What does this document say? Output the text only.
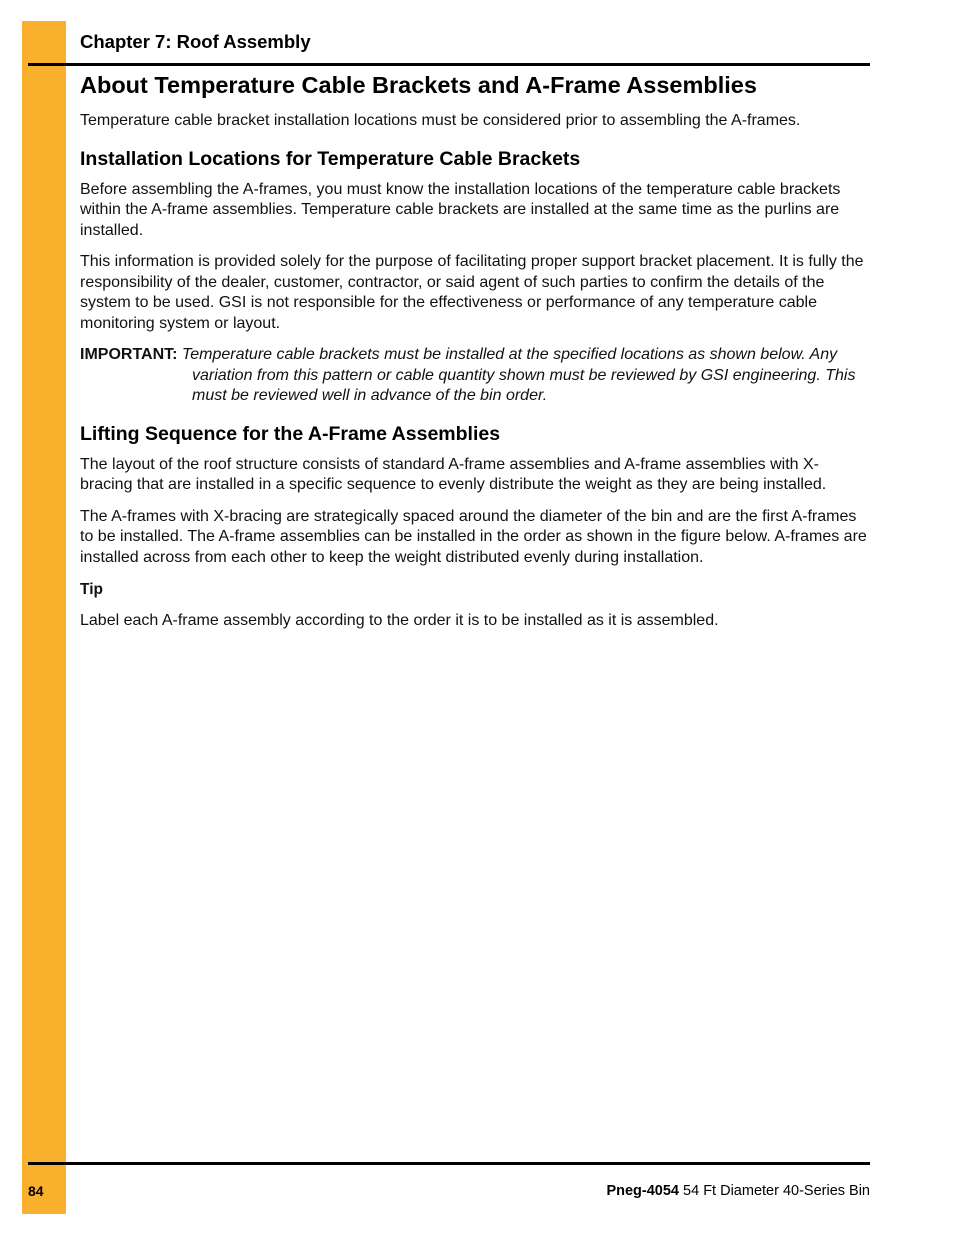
Chapter 7: Roof Assembly
About Temperature Cable Brackets and A-Frame Assemblies

Temperature cable bracket installation locations must be considered prior to assembling the A-frames.

Installation Locations for Temperature Cable Brackets

Before assembling the A-frames, you must know the installation locations of the temperature cable brackets within the A-frame assemblies. Temperature cable brackets are installed at the same time as the purlins are installed.

This information is provided solely for the purpose of facilitating proper support bracket placement. It is fully the responsibility of the dealer, customer, contractor, or said agent of such parties to confirm the details of the system to be used. GSI is not responsible for the effectiveness or performance of any temperature cable monitoring system or layout.

IMPORTANT: Temperature cable brackets must be installed at the specified locations as shown below. Any variation from this pattern or cable quantity shown must be reviewed by GSI engineering. This must be reviewed well in advance of the bin order.
Lifting Sequence for the A-Frame Assemblies

The layout of the roof structure consists of standard A-frame assemblies and A-frame assemblies with X-bracing that are installed in a specific sequence to evenly distribute the weight as they are being installed.

The A-frames with X-bracing are strategically spaced around the diameter of the bin and are the first A-frames to be installed. The A-frame assemblies can be installed in the order as shown in the figure below. A-frames are installed across from each other to keep the weight distributed evenly during installation.

Tip

Label each A-frame assembly according to the order it is to be installed as it is assembled.

84	Pneg-4054 54 Ft Diameter 40-Series Bin
